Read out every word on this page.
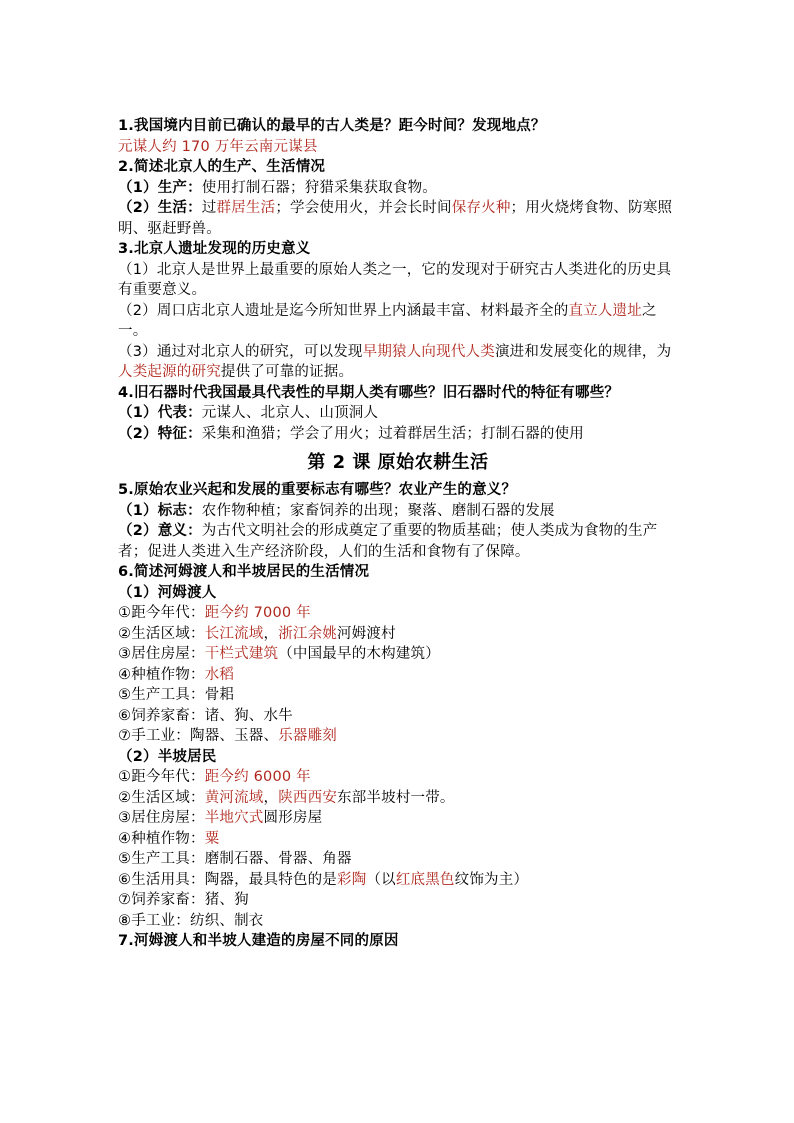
1.我国境内目前已确认的最早的古人类是？距今时间？发现地点？
元谋人约 170 万年云南元谋县
2.简述北京人的生产、生活情况
（1）生产：使用打制石器；狩猎采集获取食物。
（2）生活：过群居生活；学会使用火，并会长时间保存火种；用火烧烤食物、防寒照明、驱赶野兽。
3.北京人遗址发现的历史意义
（1）北京人是世界上最重要的原始人类之一，它的发现对于研究古人类进化的历史具有重要意义。
（2）周口店北京人遗址是迄今所知世界上内涵最丰富、材料最齐全的直立人遗址之一。
（3）通过对北京人的研究，可以发现早期猿人向现代人类演进和发展变化的规律，为人类起源的研究提供了可靠的证据。
4.旧石器时代我国最具代表性的早期人类有哪些？旧石器时代的特征有哪些？
（1）代表：元谋人、北京人、山顶洞人
（2）特征：采集和渔猎；学会了用火；过着群居生活；打制石器的使用
第 2 课 原始农耕生活
5.原始农业兴起和发展的重要标志有哪些？农业产生的意义？
（1）标志：农作物种植；家畜饲养的出现；聚落、磨制石器的发展
（2）意义：为古代文明社会的形成奠定了重要的物质基础；使人类成为食物的生产者；促进人类进入生产经济阶段，人们的生活和食物有了保障。
6.简述河姆渡人和半坡居民的生活情况
（1）河姆渡人
①距今年代：距今约 7000 年
②生活区域：长江流域，浙江余姚河姆渡村
③居住房屋：干栏式建筑（中国最早的木构建筑）
④种植作物：水稻
⑤生产工具：骨耜
⑥饲养家畜：诸、狗、水牛
⑦手工业：陶器、玉器、乐器雕刻
（2）半坡居民
①距今年代：距今约 6000 年
②生活区域：黄河流域，陕西西安东部半坡村一带。
③居住房屋：半地穴式圆形房屋
④种植作物：粟
⑤生产工具：磨制石器、骨器、角器
⑥生活用具：陶器，最具特色的是彩陶（以红底黑色纹饰为主）
⑦饲养家畜：猪、狗
⑧手工业：纺织、制衣
7.河姆渡人和半坡人建造的房屋不同的原因
